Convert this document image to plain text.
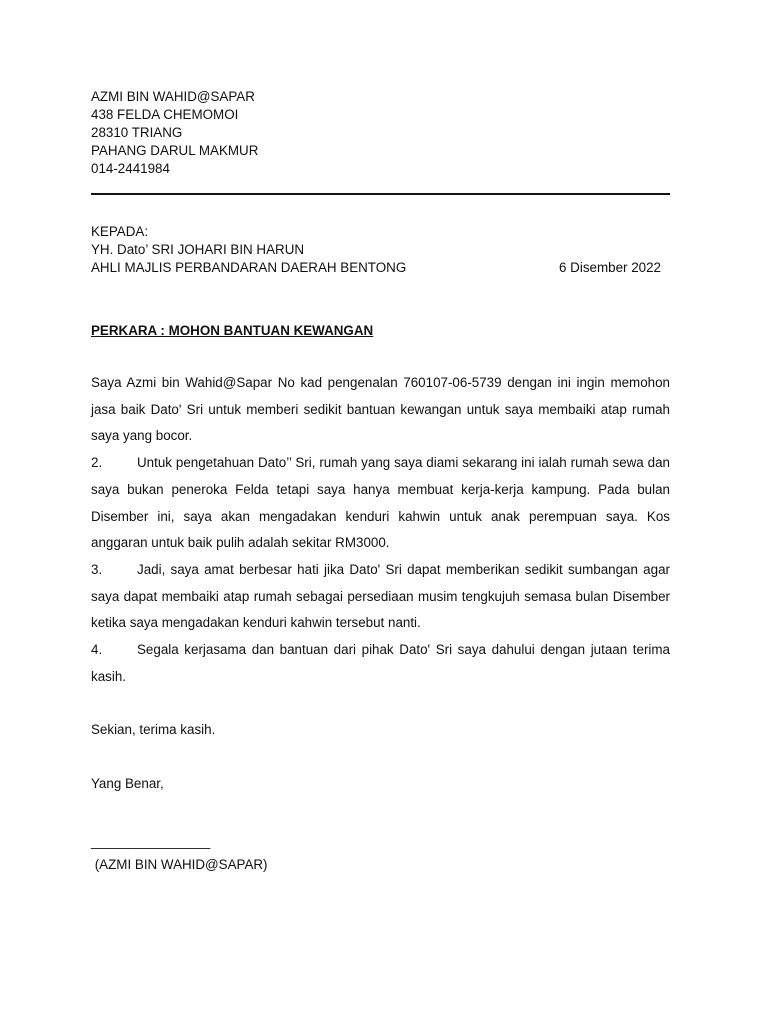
AZMI BIN WAHID@SAPAR
438 FELDA CHEMOMOI
28310 TRIANG
PAHANG DARUL MAKMUR
014-2441984
KEPADA:
YH. Dato’ SRI JOHARI BIN HARUN
AHLI MAJLIS PERBANDARAN DAERAH BENTONG	6 Disember 2022
PERKARA : MOHON BANTUAN KEWANGAN

Saya Azmi bin Wahid@Sapar No kad pengenalan 760107-06-5739 dengan ini ingin memohon jasa baik Dato' Sri untuk memberi sedikit bantuan kewangan untuk saya membaiki atap rumah saya yang bocor.

2.	Untuk pengetahuan Dato’’ Sri, rumah yang saya diami sekarang ini ialah rumah sewa dan saya bukan peneroka Felda tetapi saya hanya membuat kerja-kerja kampung. Pada bulan Disember ini, saya akan mengadakan kenduri kahwin untuk anak perempuan saya. Kos anggaran untuk baik pulih adalah sekitar RM3000.

3.	Jadi, saya amat berbesar hati jika Dato' Sri dapat memberikan sedikit sumbangan agar saya dapat membaiki atap rumah sebagai persediaan musim tengkujuh semasa bulan Disember ketika saya mengadakan kenduri kahwin tersebut nanti.

4.	Segala kerjasama dan bantuan dari pihak Dato' Sri saya dahului dengan jutaan terima kasih.

Sekian, terima kasih.
Yang Benar,
________________
(AZMI BIN WAHID@SAPAR)
